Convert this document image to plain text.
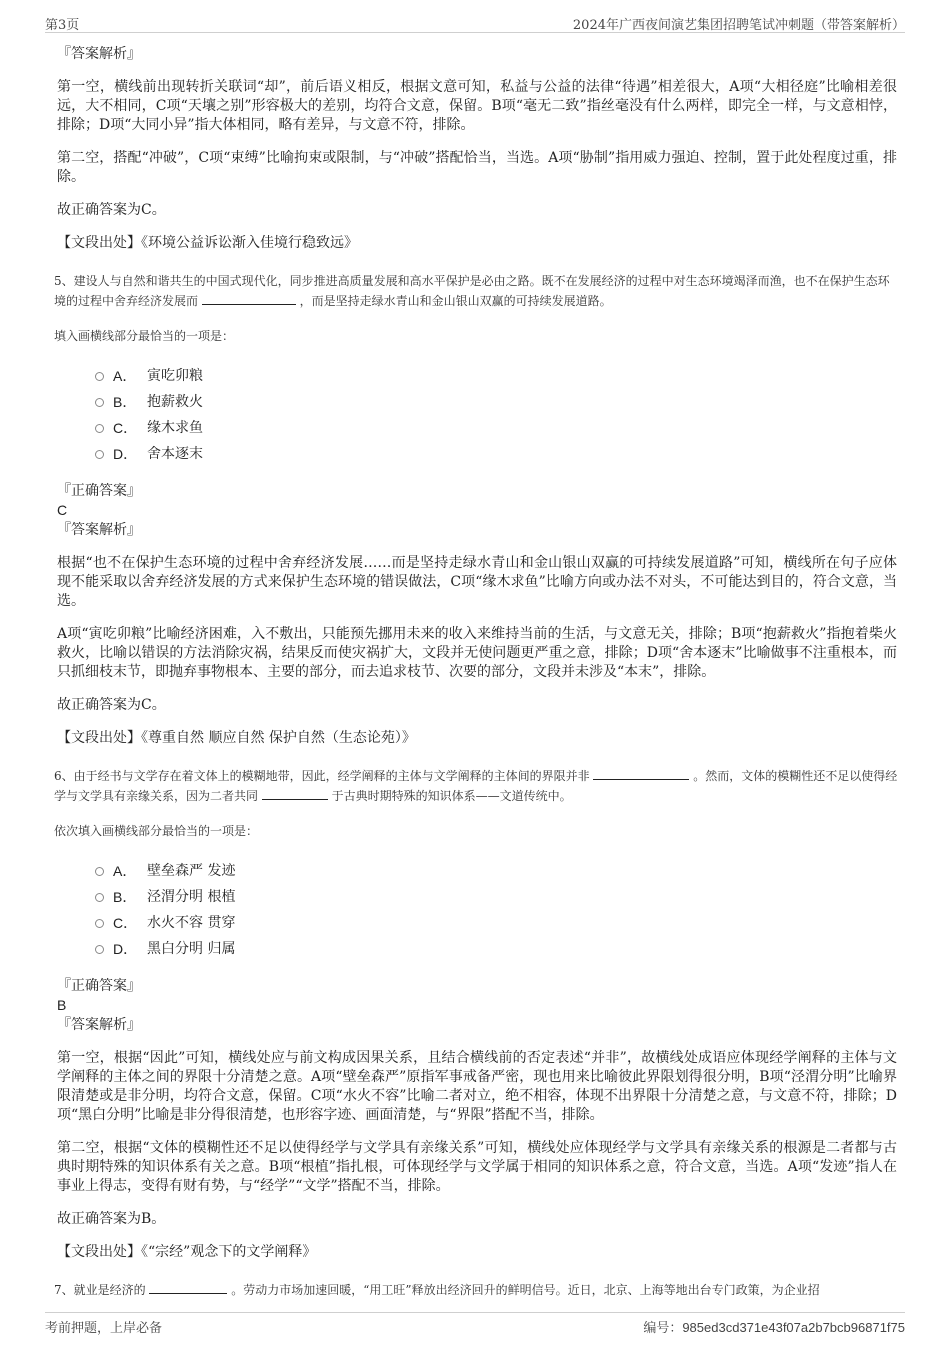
第3页	2024年广西夜间演艺集团招聘笔试冲刺题（带答案解析）
『答案解析』

第一空，横线前出现转折关联词“却”，前后语义相反，根据文意可知，私益与公益的法律“待遇”相差很大，A项“大相径庭”比喻相差很远，大不相同，C项“天壤之别”形容极大的差别，均符合文意，保留。B项“毫无二致”指丝毫没有什么两样，即完全一样，与文意相悖，排除；D项“大同小异”指大体相同，略有差异，与文意不符，排除。

第二空，搭配“冲破”，C项“束缚”比喻拘束或限制，与“冲破”搭配恰当，当选。A项“胁制”指用威力强迫、控制，置于此处程度过重，排除。

故正确答案为C。

【文段出处】《环境公益诉讼渐入佳境行稳致远》

5、建设人与自然和谐共生的中国式现代化，同步推进高质量发展和高水平保护是必由之路。既不在发展经济的过程中对生态环境竭泽而渔，也不在保护生态环境的过程中舍弃经济发展而	，而是坚持走绿水青山和金山银山双赢的可持续发展道路。
填入画横线部分最恰当的一项是：
A． 寅吃卯粮
B． 抱薪救火
C． 缘木求鱼
D． 舍本逐末
『正确答案』
C
『答案解析』

根据“也不在保护生态环境的过程中舍弃经济发展……而是坚持走绿水青山和金山银山双赢的可持续发展道路”可知，横线所在句子应体现不能采取以舍弃经济发展的方式来保护生态环境的错误做法，C项“缘木求鱼”比喻方向或办法不对头，不可能达到目的，符合文意，当选。

A项“寅吃卯粮”比喻经济困难，入不敷出，只能预先挪用未来的收入来维持当前的生活，与文意无关，排除；B项“抱薪救火”指抱着柴火救火，比喻以错误的方法消除灾祸，结果反而使灾祸扩大，文段并无使问题更严重之意，排除；D项“舍本逐末”比喻做事不注重根本，而只抓细枝末节，即抛弃事物根本、主要的部分，而去追求枝节、次要的部分，文段并未涉及“本末”，排除。

故正确答案为C。

【文段出处】《尊重自然 顺应自然 保护自然（生态论苑）》

6、由于经书与文学存在着文体上的模糊地带，因此，经学阐释的主体与文学阐释的主体间的界限并非	。然而，文体的模糊性还不足以使得经学与文学具有亲缘关系，因为二者共同	于古典时期特殊的知识体系——文道传统中。
依次填入画横线部分最恰当的一项是：
A． 壁垒森严 发迹
B． 泾渭分明 根植
C． 水火不容 贯穿
D． 黑白分明 归属
『正确答案』
B
『答案解析』

第一空，根据“因此”可知，横线处应与前文构成因果关系，且结合横线前的否定表述“并非”，故横线处成语应体现经学阐释的主体与文学阐释的主体之间的界限十分清楚之意。A项“壁垒森严”原指军事戒备严密，现也用来比喻彼此界限划得很分明，B项“泾渭分明”比喻界限清楚或是非分明，均符合文意，保留。C项“水火不容”比喻二者对立，绝不相容，体现不出界限十分清楚之意，与文意不符，排除；D项“黑白分明”比喻是非分得很清楚，也形容字迹、画面清楚，与“界限”搭配不当，排除。

第二空，根据“文体的模糊性还不足以使得经学与文学具有亲缘关系”可知，横线处应体现经学与文学具有亲缘关系的根源是二者都与古典时期特殊的知识体系有关之意。B项“根植”指扎根，可体现经学与文学属于相同的知识体系之意，符合文意，当选。A项“发迹”指人在事业上得志，变得有财有势，与“经学”“文学”搭配不当，排除。

故正确答案为B。

【文段出处】《“宗经”观念下的文学阐释》

7、就业是经济的	。劳动力市场加速回暖，“用工旺”释放出经济回升的鲜明信号。近日，北京、上海等地出台专门政策，为企业招
考前押题，上岸必备	编号：985ed3cd371e43f07a2b7bcb96871f75
